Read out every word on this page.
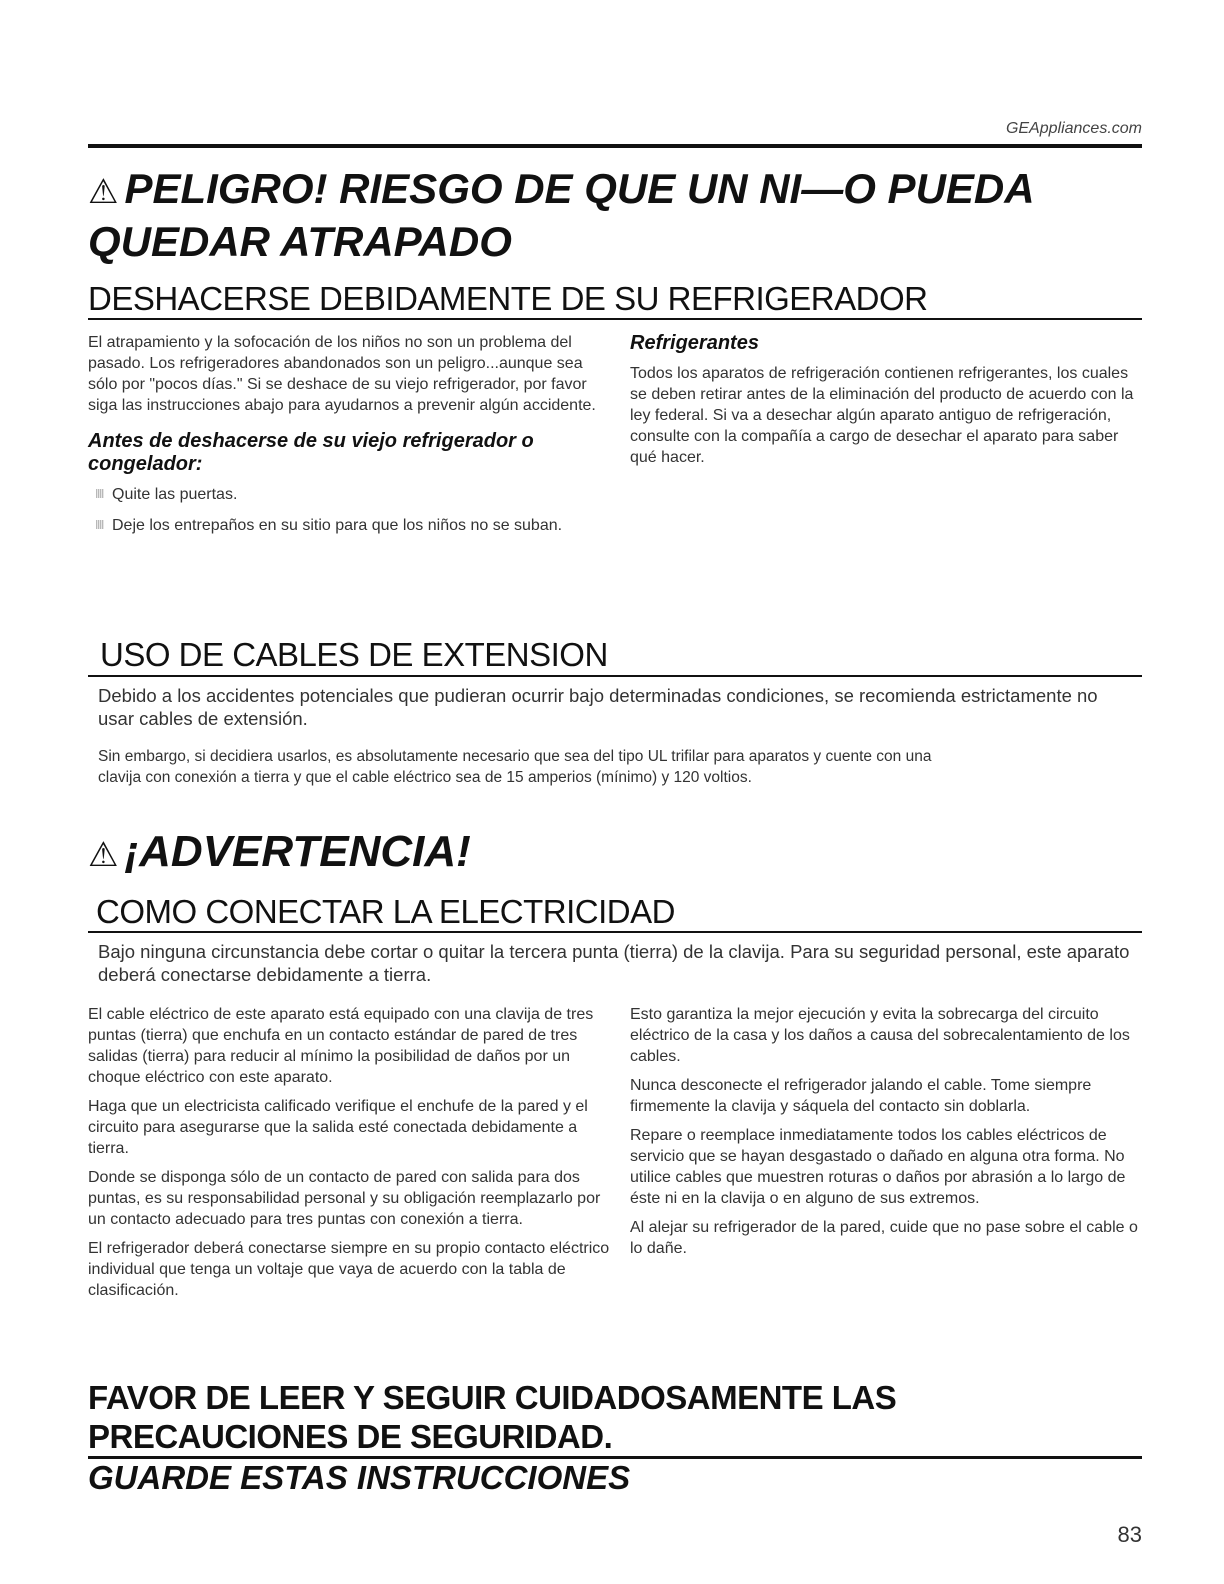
GEAppliances.com
⚠ PELIGRO! RIESGO DE QUE UN NI—O PUEDA QUEDAR ATRAPADO
DESHACERSE DEBIDAMENTE DE SU REFRIGERADOR

El atrapamiento y la sofocación de los niños no son un problema del pasado. Los refrigeradores abandonados son un peligro...aunque sea sólo por "pocos días." Si se deshace de su viejo refrigerador, por favor siga las instrucciones abajo para ayudarnos a prevenir algún accidente.

Antes de deshacerse de su viejo refrigerador o congelador:

Quite las puertas.
Deje los entrepaños en su sitio para que los niños no se suban.

Refrigerantes

Todos los aparatos de refrigeración contienen refrigerantes, los cuales se deben retirar antes de la eliminación del producto de acuerdo con la ley federal. Si va a desechar algún aparato antiguo de refrigeración, consulte con la compañía a cargo de desechar el aparato para saber qué hacer.

USO DE CABLES DE EXTENSION

Debido a los accidentes potenciales que pudieran ocurrir bajo determinadas condiciones, se recomienda estrictamente no usar cables de extensión.

Sin embargo, si decidiera usarlos, es absolutamente necesario que sea del tipo UL trifilar para aparatos y cuente con una clavija con conexión a tierra y que el cable eléctrico sea de 15 amperios (mínimo) y 120 voltios.

⚠ ¡ADVERTENCIA!
COMO CONECTAR LA ELECTRICIDAD

Bajo ninguna circunstancia debe cortar o quitar la tercera punta (tierra) de la clavija. Para su seguridad personal, este aparato deberá conectarse debidamente a tierra.

El cable eléctrico de este aparato está equipado con una clavija de tres puntas (tierra) que enchufa en un contacto estándar de pared de tres salidas (tierra) para reducir al mínimo la posibilidad de daños por un choque eléctrico con este aparato.

Haga que un electricista calificado verifique el enchufe de la pared y el circuito para asegurarse que la salida esté conectada debidamente a tierra.

Donde se disponga sólo de un contacto de pared con salida para dos puntas, es su responsabilidad personal y su obligación reemplazarlo por un contacto adecuado para tres puntas con conexión a tierra.

El refrigerador deberá conectarse siempre en su propio contacto eléctrico individual que tenga un voltaje que vaya de acuerdo con la tabla de clasificación.

Esto garantiza la mejor ejecución y evita la sobrecarga del circuito eléctrico de la casa y los daños a causa del sobrecalentamiento de los cables.

Nunca desconecte el refrigerador jalando el cable. Tome siempre firmemente la clavija y sáquela del contacto sin doblarla.

Repare o reemplace inmediatamente todos los cables eléctricos de servicio que se hayan desgastado o dañado en alguna otra forma. No utilice cables que muestren roturas o daños por abrasión a lo largo de éste ni en la clavija o en alguno de sus extremos.

Al alejar su refrigerador de la pared, cuide que no pase sobre el cable o lo dañe.

FAVOR DE LEER Y SEGUIR CUIDADOSAMENTE LAS PRECAUCIONES DE SEGURIDAD.
GUARDE ESTAS INSTRUCCIONES
83
